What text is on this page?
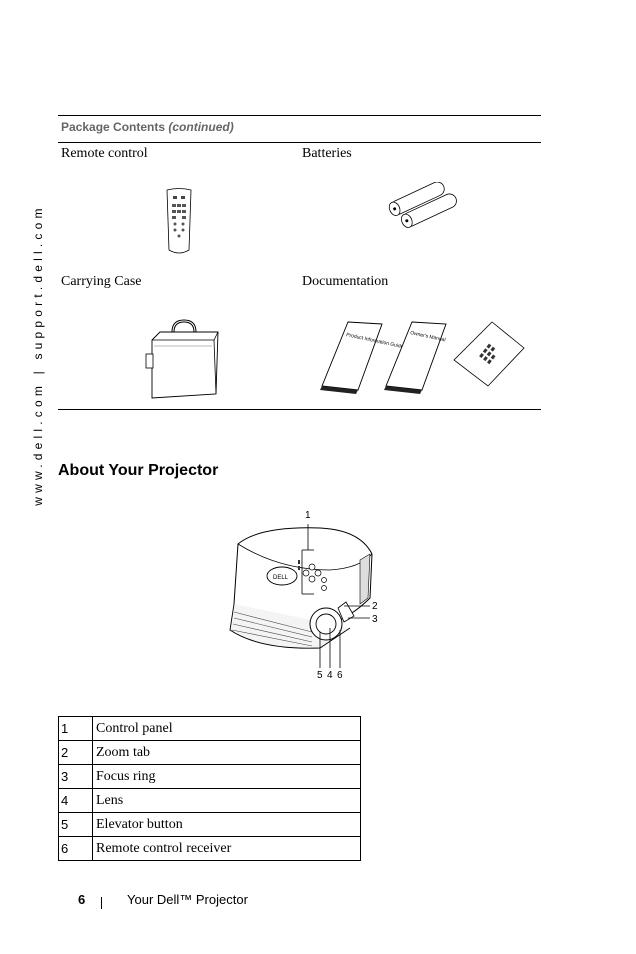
www.dell.com | support.dell.com
Package Contents (continued)
Remote control	Batteries
Carrying Case	Documentation
Product Information Guide Owner's Manual
About Your Projector
DELL
1
2
3
5 4 6
1	Control panel
2	Zoom tab
3	Focus ring
4	Lens
5	Elevator button
6	Remote control receiver
6	Your Dell™ Projector
